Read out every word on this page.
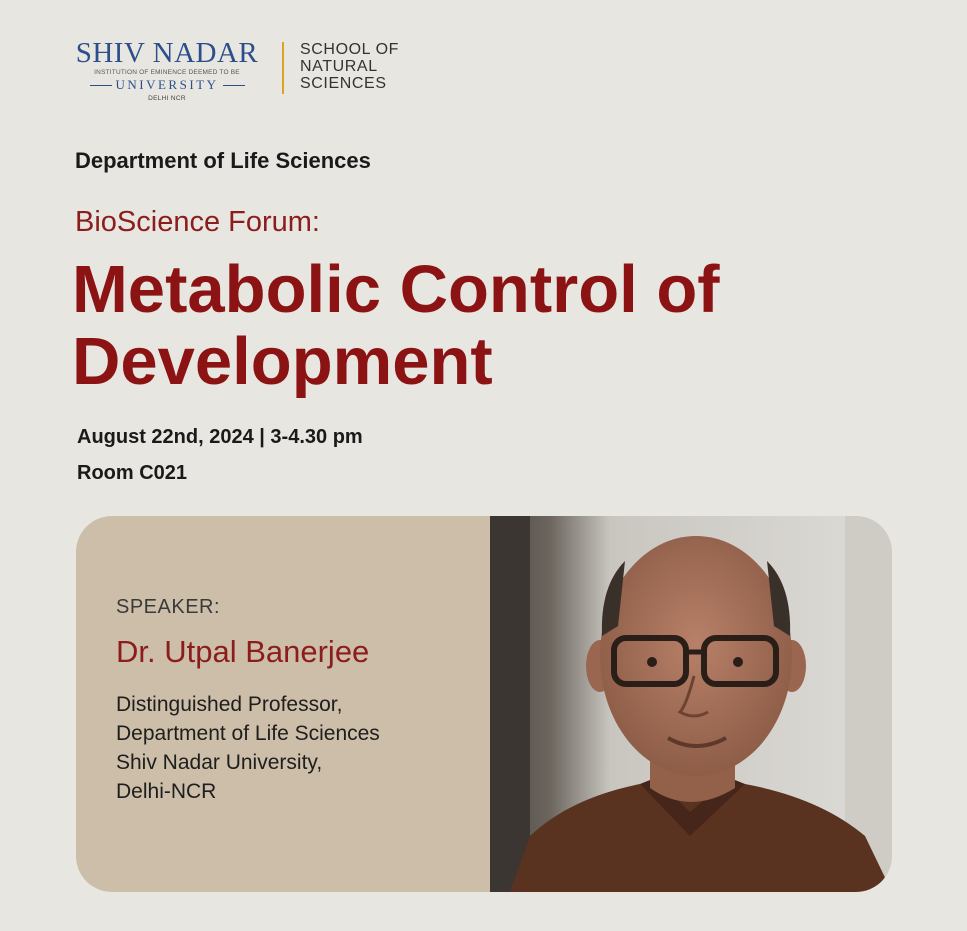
SHIV NADAR
INSTITUTION OF EMINENCE DEEMED TO BE
UNIVERSITY
DELHI NCR
SCHOOL OF
NATURAL
SCIENCES
Department of Life Sciences
BioScience Forum:
Metabolic Control of
Development
August 22nd, 2024 | 3-4.30 pm
Room C021
SPEAKER:
Dr. Utpal Banerjee
Distinguished Professor,
Department of Life Sciences
Shiv Nadar University,
Delhi-NCR
